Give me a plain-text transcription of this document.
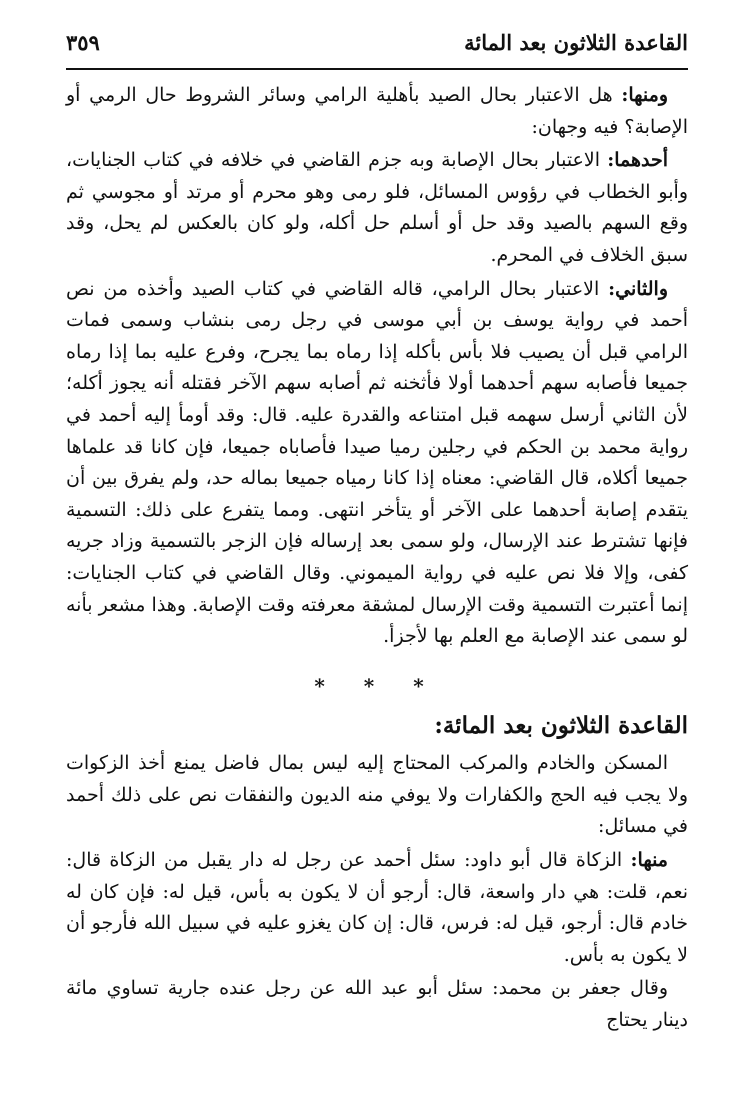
٣٥٩	القاعدة الثلاثون بعد المائة

ومنها: هل الاعتبار بحال الصيد بأهلية الرامي وسائر الشروط حال الرمي أو الإصابة؟ فيه وجهان:

أحدهما: الاعتبار بحال الإصابة وبه جزم القاضي في خلافه في كتاب الجنايات، وأبو الخطاب في رؤوس المسائل، فلو رمى وهو محرم أو مرتد أو مجوسي ثم وقع السهم بالصيد وقد حل أو أسلم حل أكله، ولو كان بالعكس لم يحل، وقد سبق الخلاف في المحرم.

والثاني: الاعتبار بحال الرامي، قاله القاضي في كتاب الصيد وأخذه من نص أحمد في رواية يوسف بن أبي موسى في رجل رمى بنشاب وسمى فمات الرامي قبل أن يصيب فلا بأس بأكله إذا رماه بما يجرح، وفرع عليه بما إذا رماه جميعا فأصابه سهم أحدهما أولا فأثخنه ثم أصابه سهم الآخر فقتله أنه يجوز أكله؛ لأن الثاني أرسل سهمه قبل امتناعه والقدرة عليه. قال: وقد أومأ إليه أحمد في رواية محمد بن الحكم في رجلين رميا صيدا فأصاباه جميعا، فإن كانا قد علماها جميعا أكلاه، قال القاضي: معناه إذا كانا رمياه جميعا بماله حد، ولم يفرق بين أن يتقدم إصابة أحدهما على الآخر أو يتأخر انتهى. ومما يتفرع على ذلك: التسمية فإنها تشترط عند الإرسال، ولو سمى بعد إرساله فإن الزجر بالتسمية وزاد جريه كفى، وإلا فلا نص عليه في رواية الميموني. وقال القاضي في كتاب الجنايات: إنما أعتبرت التسمية وقت الإرسال لمشقة معرفته وقت الإصابة. وهذا مشعر بأنه لو سمى عند الإصابة مع العلم بها لأجزأ.

* * *
القاعدة الثلاثون بعد المائة:

المسكن والخادم والمركب المحتاج إليه ليس بمال فاضل يمنع أخذ الزكوات ولا يجب فيه الحج والكفارات ولا يوفي منه الديون والنفقات نص على ذلك أحمد في مسائل:

منها: الزكاة قال أبو داود: سئل أحمد عن رجل له دار يقبل من الزكاة قال: نعم، قلت: هي دار واسعة، قال: أرجو أن لا يكون به بأس، قيل له: فإن كان له خادم قال: أرجو، قيل له: فرس، قال: إن كان يغزو عليه في سبيل الله فأرجو أن لا يكون به بأس.

وقال جعفر بن محمد: سئل أبو عبد الله عن رجل عنده جارية تساوي مائة دينار يحتاج
